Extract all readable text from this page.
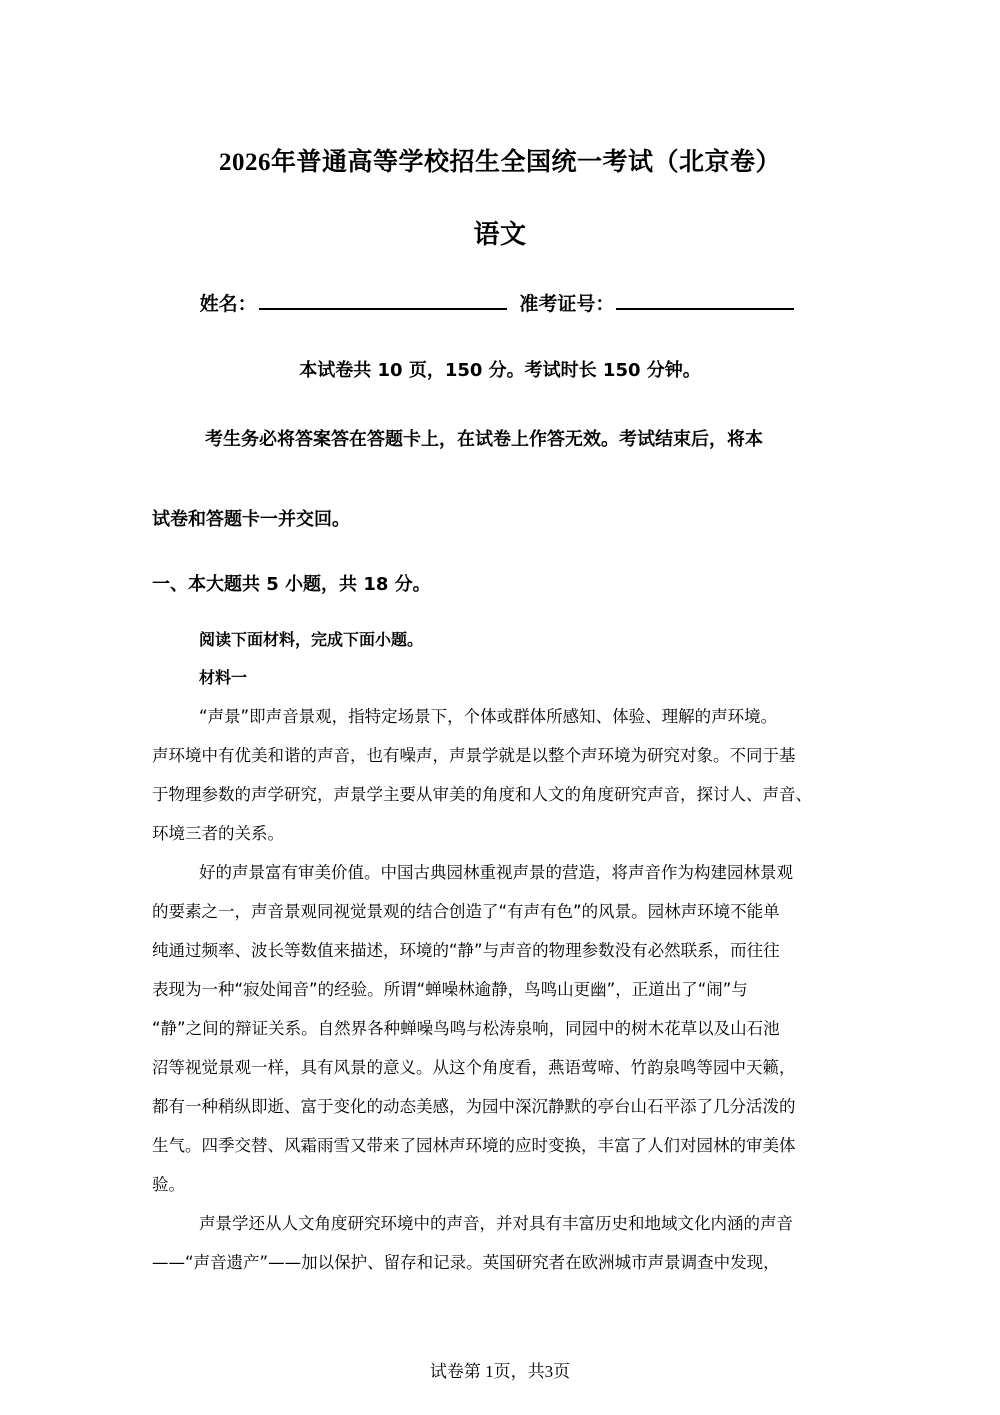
2026年普通高等学校招生全国统一考试（北京卷）
语文
姓名：	准考证号：
本试卷共 10 页，150 分。考试时长 150 分钟。
考生务必将答案答在答题卡上，在试卷上作答无效。考试结束后，将本
试卷和答题卡一并交回。
一、本大题共 5 小题，共 18 分。
阅读下面材料，完成下面小题。
材料一
“声景”即声音景观，指特定场景下，个体或群体所感知、体验、理解的声环境。
声环境中有优美和谐的声音，也有噪声，声景学就是以整个声环境为研究对象。不同于基
于物理参数的声学研究，声景学主要从审美的角度和人文的角度研究声音，探讨人、声音、
环境三者的关系。
好的声景富有审美价值。中国古典园林重视声景的营造，将声音作为构建园林景观
的要素之一，声音景观同视觉景观的结合创造了“有声有色”的风景。园林声环境不能单
纯通过频率、波长等数值来描述，环境的“静”与声音的物理参数没有必然联系，而往往
表现为一种“寂处闻音”的经验。所谓“蝉噪林逾静，鸟鸣山更幽”，正道出了“闹”与
“静”之间的辩证关系。自然界各种蝉噪鸟鸣与松涛泉响，同园中的树木花草以及山石池
沼等视觉景观一样，具有风景的意义。从这个角度看，燕语莺啼、竹韵泉鸣等园中天籁，
都有一种稍纵即逝、富于变化的动态美感，为园中深沉静默的亭台山石平添了几分活泼的
生气。四季交替、风霜雨雪又带来了园林声环境的应时变换，丰富了人们对园林的审美体
验。
声景学还从人文角度研究环境中的声音，并对具有丰富历史和地域文化内涵的声音
——“声音遗产”——加以保护、留存和记录。英国研究者在欧洲城市声景调查中发现，
试卷第 1页，共3页
